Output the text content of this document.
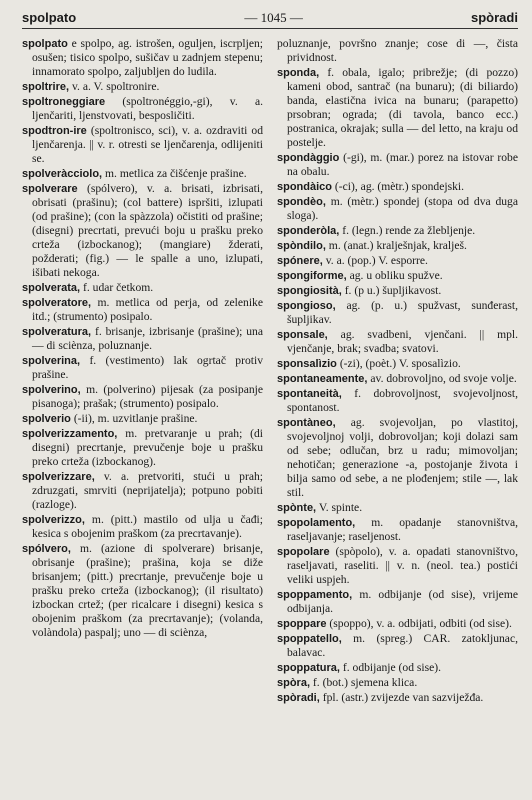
spolpato	— 1045 —	spòradi

spolpato e spolpo, ag. istrošen, oguljen, iscrpljen; osušen; tisico spolpo, sušičav u zadnjem stepenu; innamorato spolpo, zaljubljen do ludila.

spoltrire, v. a. V. spoltronire.

spoltroneggiare (spoltronéggio,-gi), v. a. ljenčariti, ljenstvovati, besposličiti.

spodtron-ire (spoltronisco, sci), v. a. ozdraviti od ljenčarenja. || v. r. otresti se ljenčarenja, odlijeniti se.

spolveràcciolo, m. metlica za čišćenje prašine.

spolverare (spólvero), v. a. brisati, izbrisati, obrisati (prašinu); (col battere) ispršiti, izlupati (od prašine); (con la spàzzola) očistiti od prašine; (disegni) precrtati, prevući boju u prašku preko crteža (izbockanog); (mangiare) žderati, požderati; (fig.) — le spalle a uno, izlupati, išibati nekoga.

spolverata, f. udar četkom.

spolveratore, m. metlica od perja, od zelenike itd.; (strumento) posipalo.

spolveratura, f. brisanje, izbrisanje (prašine); una — di sciènza, poluznanje.

spolverina, f. (vestimento) lak ogrtač protiv prašine.

spolverino, m. (polverino) pijesak (za posipanje pisanoga); prašak; (strumento) posipalo.

spolverio (-ii), m. uzvitlanje prašine.

spolverizzamento, m. pretvaranje u prah; (di disegni) precrtanje, prevučenje boje u prašku preko crteža (izbockanog).

spolverizzare, v. a. pretvoriti, stući u prah; zdruzgati, smrviti (neprijatelja); potpuno pobiti (razloge).

spolverizzo, m. (pitt.) mastilo od ulja u čađi; kesica s obojenim praškom (za precrtavanje).

spólvero, m. (azione di spolverare) brisanje, obrisanje (prašine); prašina, koja se diže brisanjem; (pitt.) precrtanje, prevučenje boje u prašku preko crteža (izbockanog); (il risultato) izbockan crtež; (per ricalcare i disegni) kesica s obojenim praškom (za precrtavanje); (volanda, volàndola) paspalj; uno — di sciènza,

poluznanje, površno znanje; cose di —, čista prividnost.

sponda, f. obala, igalo; pribrežje; (di pozzo) kameni obod, santrač (na bunaru); (di biliardo) banda, elastična ivica na bunaru; (parapetto) prsobran; ograda; (di tavola, banco ecc.) postranica, okrajak; sulla — del letto, na kraju od postelje.

spondàggio (-gi), m. (mar.) porez na istovar robe na obalu.

spondàico (-ci), ag. (mètr.) spondejski.

spondèo, m. (mètr.) spondej (stopa od dva duga sloga).

sponderòla, f. (legn.) rende za žlebljenje.

spòndilo, m. (anat.) kralješnjak, kralješ.

spónere, v. a. (pop.) V. esporre.

spongiforme, ag. u obliku spužve.

spongiosità, f. (p u.) šupljikavost.

spongioso, ag. (p. u.) spužvast, sunđerast, šupljikav.

sponsale, ag. svadbeni, vjenčani. || mpl. vjenčanje, brak; svadba; svatovi.

sponsalìzio (-zi), (poèt.) V. sposalìzio.

spontaneamente, av. dobrovoljno, od svoje volje.

spontaneità, f. dobrovoljnost, svojevoljnost, spontanost.

spontàneo, ag. svojevoljan, po vlastitoj, svojevoljnoj volji, dobrovoljan; koji dolazi sam od sebe; odlučan, brz u radu; mimovoljan; nehotičan; generazione -a, postojanje života i bilja samo od sebe, a ne plođenjem; stile —, lak stil.

spònte, V. spinte.

spopolamento, m. opadanje stanovništva, raseljavanje; raseljenost.

spopolare (spòpolo), v. a. opadati stanovništvo, raseljavati, raseliti. || v. n. (neol. tea.) postići veliki uspjeh.

spoppamento, m. odbijanje (od sise), vrijeme odbijanja.

spoppare (spoppo), v. a. odbijati, odbiti (od sise).

spoppatello, m. (spreg.) CAR. zatokljunac, balavac.

spoppatura, f. odbijanje (od sise).

spòra, f. (bot.) sjemena klica.

spòradi, fpl. (astr.) zvijezde van sazviježđa.
